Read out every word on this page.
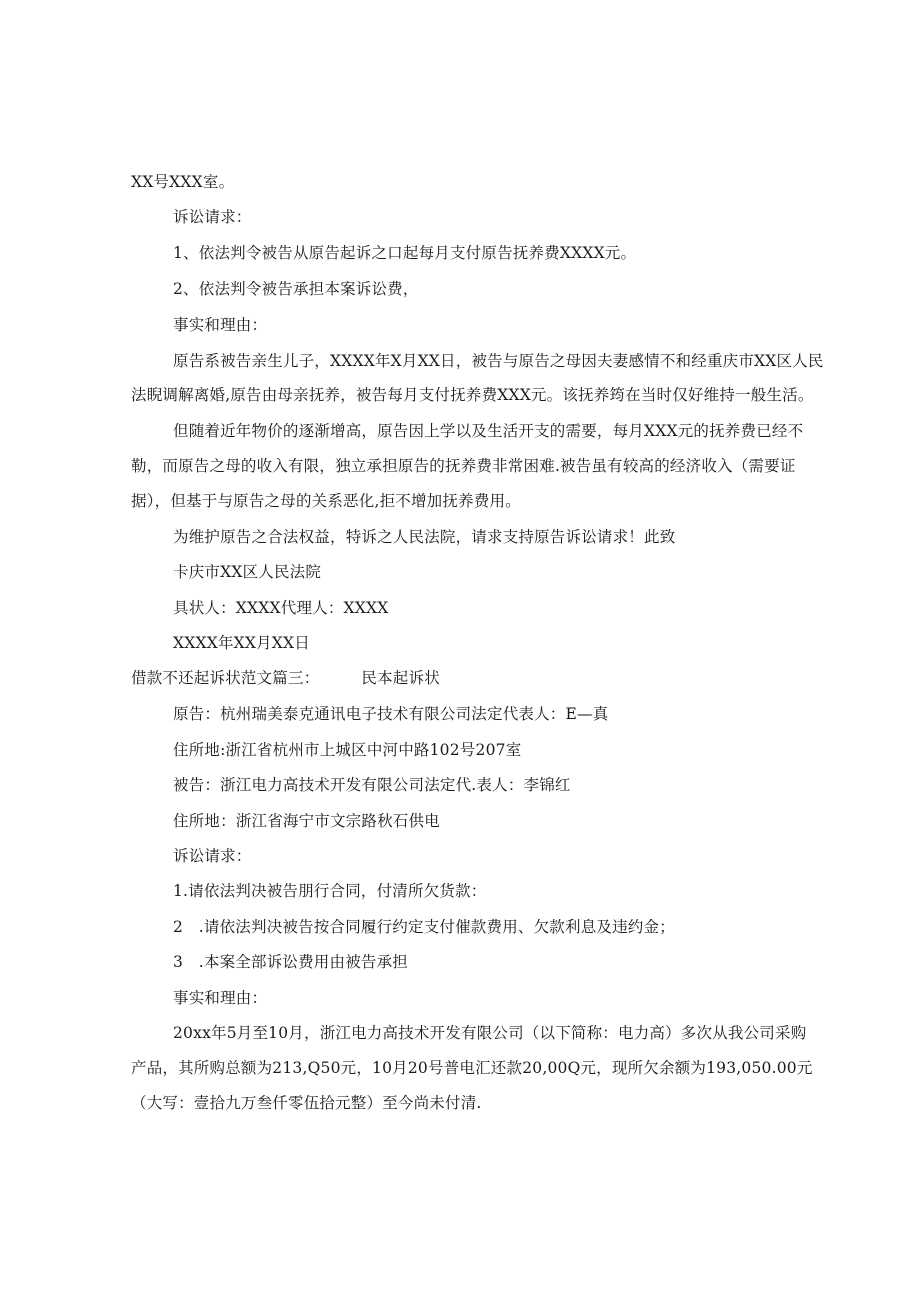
XX号XXX室。
诉讼请求：
1、依法判令被告从原告起诉之口起每月支付原告抚养费XXXX元。
2、依法判令被告承担本案诉讼费，
事实和理由：
原告系被告亲生儿子，XXXX年X月XX日，被告与原告之母因夫妻感情不和经重庆市XX区人民
法睨调解离婚,原告由母亲抚养，被告每月支付抚养费XXX元。该抚养筠在当时仅好维持一般生活。
但随着近年物价的逐渐增高，原告因上学以及生活开支的需要，每月XXX元的抚养费已经不
勒，而原告之母的收入有限，独立承担原告的抚养费非常困难.被告虽有较高的经济收入（需要证
据），但基于与原告之母的关系恶化,拒不增加抚养费用。
为维护原告之合法权益，特诉之人民法院，请求支持原告诉讼请求！此致
卡庆市XX区人民法院
具状人：XXXX代理人：XXXX
XXXX年XX月XX日
借款不还起诉状范文篇三：	民本起诉状
原告：杭州瑞美泰克通讯电子技术有限公司法定代表人：E—真
住所地:浙江省杭州市上城区中河中路102号207室
被告：浙江电力高技术开发有限公司法定代.表人：李锦红
住所地：浙江省海宁市文宗路秋石供电
诉讼请求：
1.请依法判决被告朋行合同，付清所欠货款：
2　.请依法判决被告按合同履行约定支付催款费用、欠款利息及违约金；
3　.本案全部诉讼费用由被告承担
事实和理由：
20xx年5月至10月，浙江电力高技术开发有限公司（以下简称：电力高）多次从我公司采购
产品，其所购总额为213,Q50元，10月20号普电汇还款20,00Q元，现所欠余额为193,050.00元
（大写：壹拾九万叁仟零伍拾元整）至今尚未付清.
